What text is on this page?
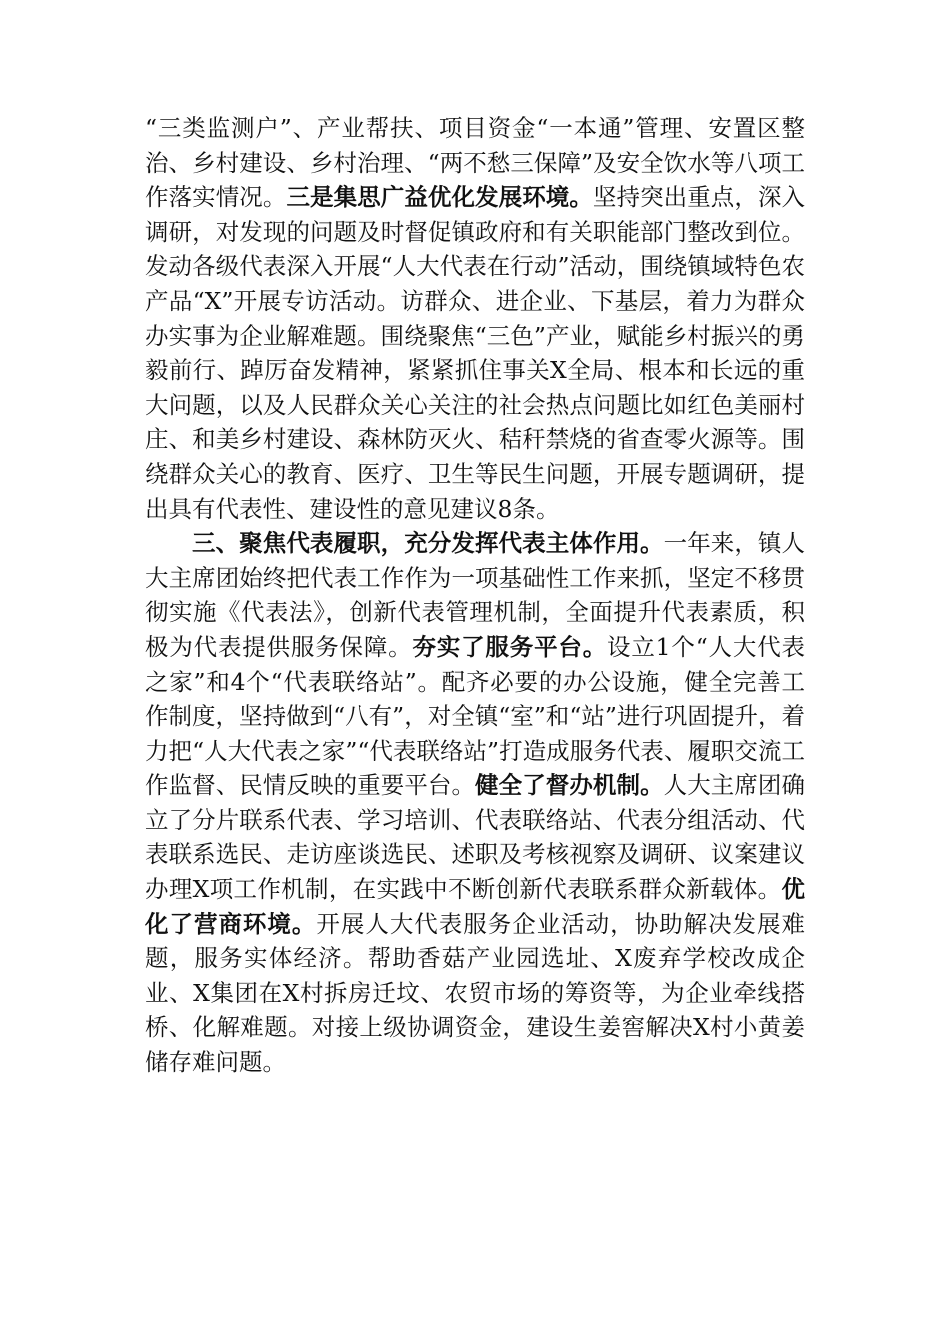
“三类监测户”、产业帮扶、项目资金“一本通”管理、安置区整治、乡村建设、乡村治理、“两不愁三保障”及安全饮水等八项工作落实情况。三是集思广益优化发展环境。坚持突出重点，深入调研，对发现的问题及时督促镇政府和有关职能部门整改到位。发动各级代表深入开展“人大代表在行动”活动，围绕镇域特色农产品“X”开展专访活动。访群众、进企业、下基层，着力为群众办实事为企业解难题。围绕聚焦“三色”产业，赋能乡村振兴的勇毅前行、踔厉奋发精神，紧紧抓住事关X全局、根本和长远的重大问题，以及人民群众关心关注的社会热点问题比如红色美丽村庄、和美乡村建设、森林防灭火、秸秆禁烧的省查零火源等。围绕群众关心的教育、医疗、卫生等民生问题，开展专题调研，提出具有代表性、建设性的意见建议8条。

三、聚焦代表履职，充分发挥代表主体作用。一年来，镇人大主席团始终把代表工作作为一项基础性工作来抓，坚定不移贯彻实施《代表法》，创新代表管理机制，全面提升代表素质，积极为代表提供服务保障。夯实了服务平台。设立1个“人大代表之家”和4个“代表联络站”。配齐必要的办公设施，健全完善工作制度，坚持做到“八有”，对全镇“室”和“站”进行巩固提升，着力把“人大代表之家”“代表联络站”打造成服务代表、履职交流工作监督、民情反映的重要平台。健全了督办机制。人大主席团确立了分片联系代表、学习培训、代表联络站、代表分组活动、代表联系选民、走访座谈选民、述职及考核视察及调研、议案建议办理X项工作机制，在实践中不断创新代表联系群众新载体。优化了营商环境。开展人大代表服务企业活动，协助解决发展难题，服务实体经济。帮助香菇产业园选址、X废弃学校改成企业、X集团在X村拆房迁坟、农贸市场的筹资等，为企业牵线搭桥、化解难题。对接上级协调资金，建设生姜窖解决X村小黄姜储存难问题。
